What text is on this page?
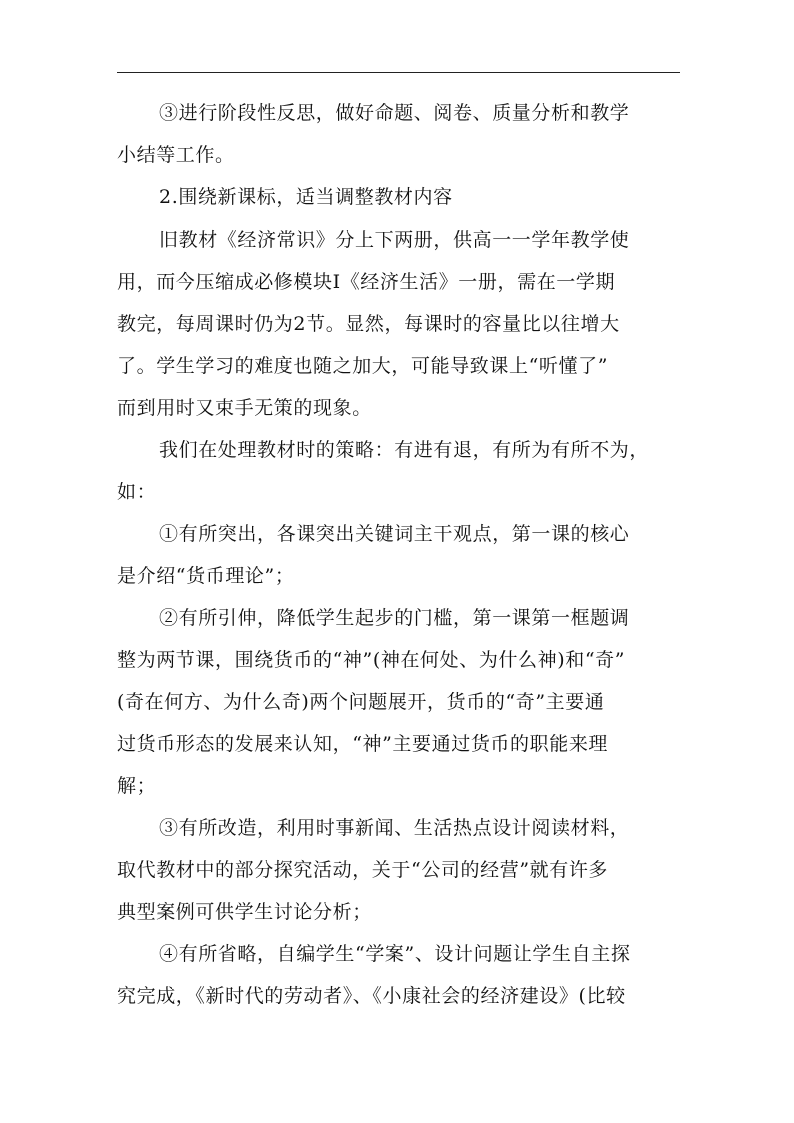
③进行阶段性反思，做好命题、阅卷、质量分析和教学
小结等工作。
2.围绕新课标，适当调整教材内容
旧教材《经济常识》分上下两册，供高一一学年教学使
用，而今压缩成必修模块Ⅰ《经济生活》一册，需在一学期
教完，每周课时仍为2节。显然，每课时的容量比以往增大
了。学生学习的难度也随之加大，可能导致课上“听懂了”
而到用时又束手无策的现象。
我们在处理教材时的策略：有进有退，有所为有所不为，
如：
①有所突出，各课突出关键词主干观点，第一课的核心
是介绍“货币理论”；
②有所引伸，降低学生起步的门槛，第一课第一框题调
整为两节课，围绕货币的“神”(神在何处、为什么神)和“奇”
(奇在何方、为什么奇)两个问题展开，货币的“奇”主要通
过货币形态的发展来认知，“神”主要通过货币的职能来理
解；
③有所改造，利用时事新闻、生活热点设计阅读材料，
取代教材中的部分探究活动，关于“公司的经营”就有许多
典型案例可供学生讨论分析；
④有所省略，自编学生“学案”、设计问题让学生自主探
究完成，《新时代的劳动者》、《小康社会的经济建设》(比较
